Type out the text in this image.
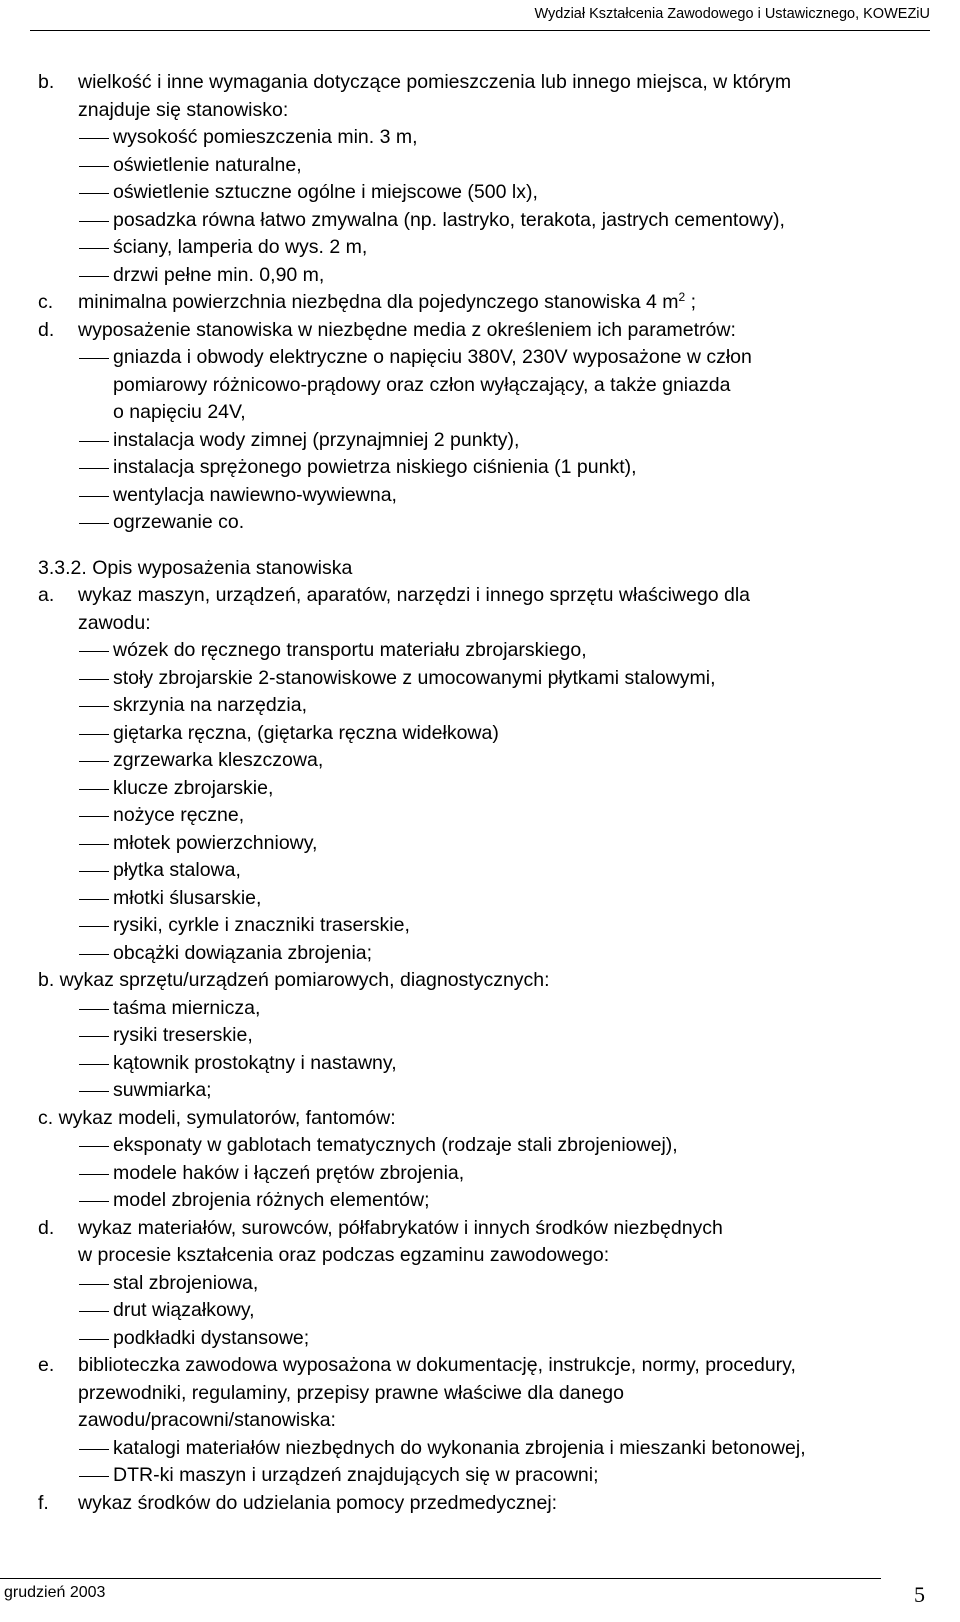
Wydział Kształcenia Zawodowego i Ustawicznego, KOWEZiU
b. wielkość i inne wymagania dotyczące pomieszczenia lub innego miejsca, w którym
znajduje się stanowisko:
wysokość pomieszczenia min. 3 m,
oświetlenie naturalne,
oświetlenie sztuczne ogólne i miejscowe (500 lx),
posadzka równa łatwo zmywalna (np. lastryko, terakota, jastrych cementowy),
ściany, lamperia do wys. 2 m,
drzwi pełne min. 0,90 m,
c. minimalna powierzchnia niezbędna dla pojedynczego stanowiska 4 $m^2$ ;
d. wyposażenie stanowiska w niezbędne media z określeniem ich parametrów:
gniazda i obwody elektryczne o napięciu 380V, 230V wyposażone w człon
pomiarowy różnicowo-prądowy oraz człon wyłączający, a także gniazda
o napięciu 24V,
instalacja wody zimnej (przynajmniej 2 punkty),
instalacja sprężonego powietrza niskiego ciśnienia (1 punkt),
wentylacja nawiewno-wywiewna,
ogrzewanie co.
3.3.2. Opis wyposażenia stanowiska
a. wykaz maszyn, urządzeń, aparatów, narzędzi i innego sprzętu właściwego dla
zawodu:
wózek do ręcznego transportu materiału zbrojarskiego,
stoły zbrojarskie 2-stanowiskowe z umocowanymi płytkami stalowymi,
skrzynia na narzędzia,
giętarka ręczna, (giętarka ręczna widełkowa)
zgrzewarka kleszczowa,
klucze zbrojarskie,
nożyce ręczne,
młotek powierzchniowy,
płytka stalowa,
młotki ślusarskie,
rysiki, cyrkle i znaczniki traserskie,
obcążki dowiązania zbrojenia;
b. wykaz sprzętu/urządzeń pomiarowych, diagnostycznych:
taśma miernicza,
rysiki treserskie,
kątownik prostokątny i nastawny,
suwmiarka;
c. wykaz modeli, symulatorów, fantomów:
eksponaty w gablotach tematycznych (rodzaje stali zbrojeniowej),
modele haków i łączeń prętów zbrojenia,
model zbrojenia różnych elementów;
d. wykaz materiałów, surowców, półfabrykatów i innych środków niezbędnych
w procesie kształcenia oraz podczas egzaminu zawodowego:
stal zbrojeniowa,
drut wiązałkowy,
podkładki dystansowe;
e. biblioteczka zawodowa wyposażona w dokumentację, instrukcje, normy, procedury,
przewodniki, regulaminy, przepisy prawne właściwe dla danego
zawodu/pracowni/stanowiska:
katalogi materiałów niezbędnych do wykonania zbrojenia i mieszanki betonowej,
DTR-ki maszyn i urządzeń znajdujących się w pracowni;
f. wykaz środków do udzielania pomocy przedmedycznej:
grudzień 2003	5
